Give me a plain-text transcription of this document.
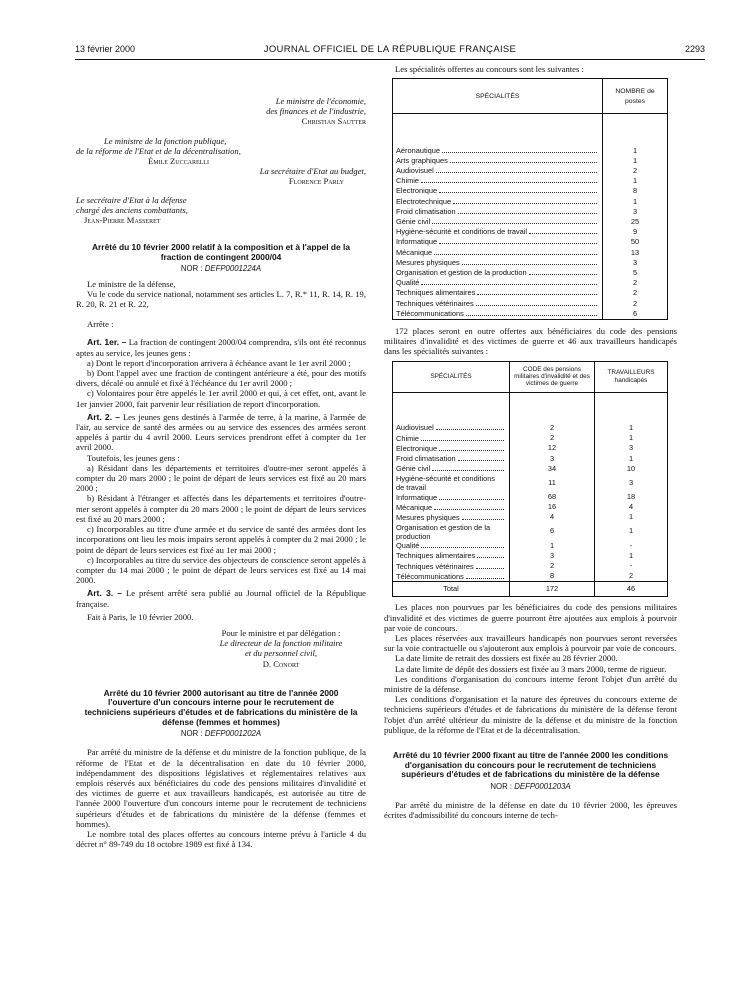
13 février 2000	JOURNAL OFFICIEL DE LA RÉPUBLIQUE FRANÇAISE	2293
Le ministre de l'économie,
des finances et de l'industrie,
Christian Sautter
Le ministre de la fonction publique,
de la réforme de l'Etat et de la décentralisation,
Émile Zuccarelli
La secrétaire d'Etat au budget,
Florence Parly
Le secrétaire d'Etat à la défense
chargé des anciens combattants,
Jean-Pierre Masseret
Arrêté du 10 février 2000 relatif à la composition et à l'appel de la fraction de contingent 2000/04
NOR : DEFP0001224A

Le ministre de la défense,

Vu le code du service national, notamment ses articles L. 7, R.* 11, R. 14, R. 19, R. 20, R. 21 et R. 22,

Arrête :

Art. 1er. – La fraction de contingent 2000/04 comprendra, s'ils ont été reconnus aptes au service, les jeunes gens :

a) Dont le report d'incorporation arrivera à échéance avant le 1er avril 2000 ;

b) Dont l'appel avec une fraction de contingent antérieure a été, pour des motifs divers, décalé ou annulé et fixé à l'échéance du 1er avril 2000 ;

c) Volontaires pour être appelés le 1er avril 2000 et qui, à cet effet, ont, avant le 1er janvier 2000, fait parvenir leur résiliation de report d'incorporation.

Art. 2. – Les jeunes gens destinés à l'armée de terre, à la marine, à l'armée de l'air, au service de santé des armées ou au service des essences des armées seront appelés à partir du 4 avril 2000. Leurs services prendront effet à compter du 1er avril 2000.

Toutefois, les jeunes gens :

a) Résidant dans les départements et territoires d'outre-mer seront appelés à compter du 20 mars 2000 ; le point de départ de leurs services est fixé au 20 mars 2000 ;

b) Résidant à l'étranger et affectés dans les départements et territoires d'outre-mer seront appelés à compter du 20 mars 2000 ; le point de départ de leurs services est fixé au 20 mars 2000 ;

c) Incorporables au titre d'une armée et du service de santé des armées dont les incorporations ont lieu les mois impairs seront appelés à compter du 2 mai 2000 ; le point de départ de leurs services est fixé au 1er mai 2000 ;

c) Incorporables au titre du service des objecteurs de conscience seront appelés à compter du 14 mai 2000 ; le point de départ de leurs services est fixé au 14 mai 2000.

Art. 3. – Le présent arrêté sera publié au Journal officiel de la République française.

Fait à Paris, le 10 février 2000.

Pour le ministre et par délégation :
Le directeur de la fonction militaire
et du personnel civil,
D. Conort
Arrêté du 10 février 2000 autorisant au titre de l'année 2000 l'ouverture d'un concours interne pour le recrutement de techniciens supérieurs d'études et de fabrications du ministère de la défense (femmes et hommes)
NOR : DEFP0001202A

Par arrêté du ministre de la défense et du ministre de la fonction publique, de la réforme de l'Etat et de la décentralisation en date du 10 février 2000, indépendamment des dispositions législatives et réglementaires relatives aux emplois réservés aux bénéficiaires du code des pensions militaires d'invalidité et des victimes de guerre et aux travailleurs handicapés, est autorisée au titre de l'année 2000 l'ouverture d'un concours interne pour le recrutement de techniciens supérieurs d'études et de fabrications du ministère de la défense (femmes et hommes).

Le nombre total des places offertes au concours interne prévu à l'article 4 du décret n° 89-749 du 18 octobre 1989 est fixé à 134.

Les spécialités offertes au concours sont les suivantes :

SPÉCIALITÉS	NOMBRE de postes

Aéronautique	1

Arts graphiques	1

Audiovisuel	2

Chimie	1

Electronique	8

Electrotechnique	1

Froid climatisation	3

Génie civil	25

Hygiène-sécurité et conditions de travail	9

Informatique	50

Mécanique	13

Mesures physiques	3

Organisation et gestion de la production	5

Qualité	2

Techniques alimentaires	2

Techniques vétérinaires	2

Télécommunications	6

172 places seront en outre offertes aux bénéficiaires du code des pensions militaires d'invalidité et des victimes de guerre et 46 aux travailleurs handicapés dans les spécialités suivantes :

SPÉCIALITÉS	CODE des pensions militaires d'invalidité et des victimes de guerre	TRAVAILLEURS handicapés

Audiovisuel	2	1

Chimie	2	1

Electronique	12	3

Froid climatisation	3	1

Génie civil	34	10

Hygiène-sécurité et conditions de travail	11	3

Informatique	68	18

Mécanique	16	4

Mesures physiques	4	1

Organisation et gestion de la production	6	1

Qualité	1	-

Techniques alimentaires	3	1

Techniques vétérinaires	2	-

Télécommunications	8	2
Total	172	46

Les places non pourvues par les bénéficiaires du code des pensions militaires d'invalidité et des victimes de guerre pourront être ajoutées aux emplois à pourvoir par voie de concours.

Les places réservées aux travailleurs handicapés non pourvues seront reversées sur la voie contractuelle ou s'ajouteront aux emplois à pourvoir par voie de concours.

La date limite de retrait des dossiers est fixée au 28 février 2000.

La date limite de dépôt des dossiers est fixée au 3 mars 2000, terme de rigueur.

Les conditions d'organisation du concours interne feront l'objet d'un arrêté du ministre de la défense.

Les conditions d'organisation et la nature des épreuves du concours externe de techniciens supérieurs d'études et de fabrications du ministère de la défense feront l'objet d'un arrêté ultérieur du ministre de la défense et du ministre de la fonction publique, de la réforme de l'Etat et de la décentralisation.

Arrêté du 10 février 2000 fixant au titre de l'année 2000 les conditions d'organisation du concours pour le recrutement de techniciens supérieurs d'études et de fabrications du ministère de la défense
NOR : DEFP0001203A

Par arrêté du ministre de la défense en date du 10 février 2000, les épreuves écrites d'admissibilité du concours interne de tech-
